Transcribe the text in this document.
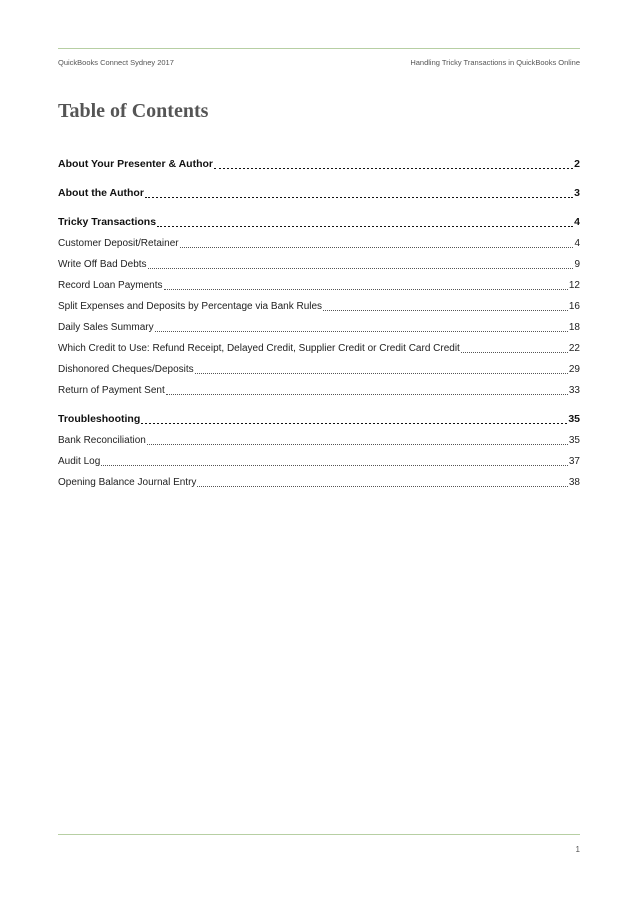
QuickBooks Connect Sydney 2017	Handling Tricky Transactions in QuickBooks Online
Table of Contents
About Your Presenter & Author	2
About the Author	3
Tricky Transactions	4
Customer Deposit/Retainer	4
Write Off Bad Debts	9
Record Loan Payments	12
Split Expenses and Deposits by Percentage via Bank Rules	16
Daily Sales Summary	18
Which Credit to Use: Refund Receipt, Delayed Credit, Supplier Credit or Credit Card Credit	22
Dishonored Cheques/Deposits	29
Return of Payment Sent	33
Troubleshooting	35
Bank Reconciliation	35
Audit Log	37
Opening Balance Journal Entry	38
1
